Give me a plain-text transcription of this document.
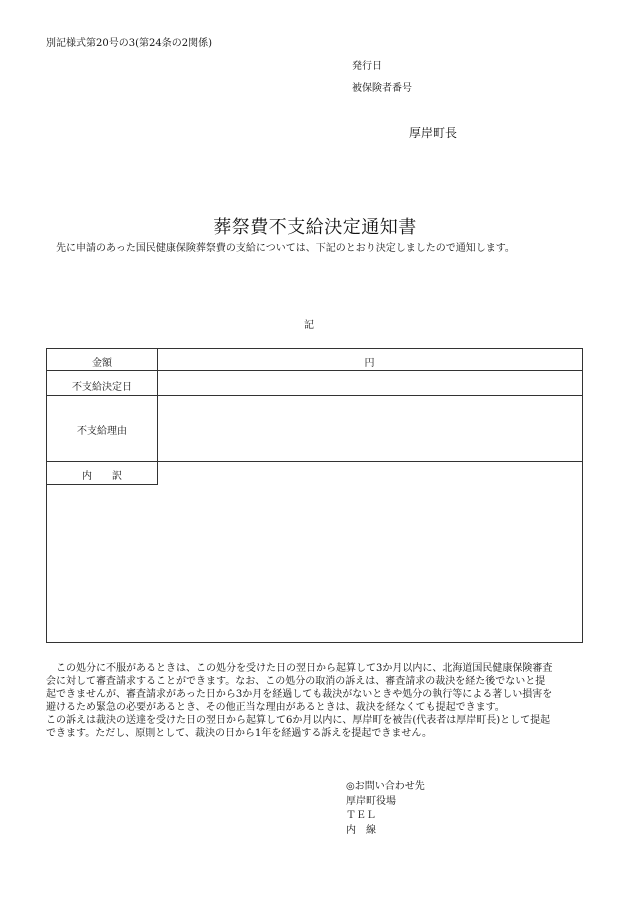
別記様式第20号の3(第24条の2関係)
発行日
被保険者番号
厚岸町長
葬祭費不支給決定通知書
先に申請のあった国民健康保険葬祭費の支給については、下記のとおり決定しましたので通知します。
記
金額	円
不支給決定日
不支給理由
内　　訳

　この処分に不服があるときは、この処分を受けた日の翌日から起算して3か月以内に、北海道国民健康保険審査

会に対して審査請求することができます。なお、この処分の取消の訴えは、審査請求の裁決を経た後でないと提

起できませんが、審査請求があった日から3か月を経過しても裁決がないときや処分の執行等による著しい損害を

避けるため緊急の必要があるとき、その他正当な理由があるときは、裁決を経なくても提起できます。

この訴えは裁決の送達を受けた日の翌日から起算して6か月以内に、厚岸町を被告(代表者は厚岸町長)として提起

できます。ただし、原則として、裁決の日から1年を経過する訴えを提起できません。

◎お問い合わせ先
厚岸町役場
ＴＥＬ
内　線
